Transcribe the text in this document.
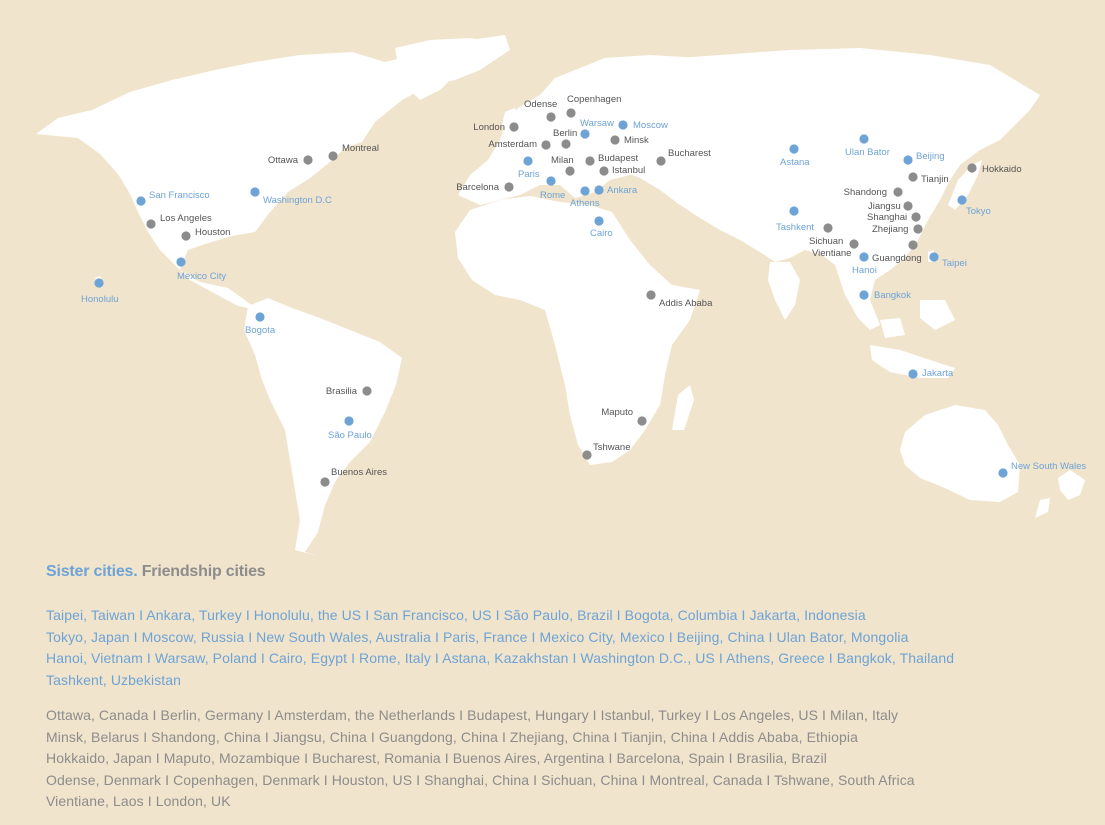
Ottawa
Montreal
Los Angeles
Houston
Brasilia
Buenos Aires
Odense Copenhagen
London
Berlin
Amsterdam	Minsk
Milan	Budapest
Istanbul
Bucharest
Barcelona
Addis Ababa
Maputo
Tshwane
Shandong
Tianjin
Jiangsu
Shanghai
Zhejiang
Sichuan
Vientiane Guangdong
Hokkaido
San Francisco	Washington D.C
Mexico City
Honolulu
Bogota
São Paulo
Warsaw Moscow
Paris
Rome
Athens
Ankara
Cairo
Astana
Tashkent
Ulan Bator	Beijing
Tokyo
Hanoi
Taipei
Bangkok
Jakarta
New South Wales
Sister cities. Friendship cities
Taipei, Taiwan I Ankara, Turkey I Honolulu, the US I San Francisco, US I São Paulo, Brazil I Bogota, Columbia I Jakarta, Indonesia
Tokyo, Japan I Moscow, Russia I New South Wales, Australia I Paris, France I Mexico City, Mexico I Beijing, China I Ulan Bator, Mongolia
Hanoi, Vietnam I Warsaw, Poland I Cairo, Egypt I Rome, Italy I Astana, Kazakhstan I Washington D.C., US I Athens, Greece I Bangkok, Thailand
Tashkent, Uzbekistan
Ottawa, Canada I Berlin, Germany I Amsterdam, the Netherlands I Budapest, Hungary I Istanbul, Turkey I Los Angeles, US I Milan, Italy
Minsk, Belarus I Shandong, China I Jiangsu, China I Guangdong, China I Zhejiang, China I Tianjin, China I Addis Ababa, Ethiopia
Hokkaido, Japan I Maputo, Mozambique I Bucharest, Romania I Buenos Aires, Argentina I Barcelona, Spain I Brasilia, Brazil
Odense, Denmark I Copenhagen, Denmark I Houston, US I Shanghai, China I Sichuan, China I Montreal, Canada I Tshwane, South Africa
Vientiane, Laos I London, UK
